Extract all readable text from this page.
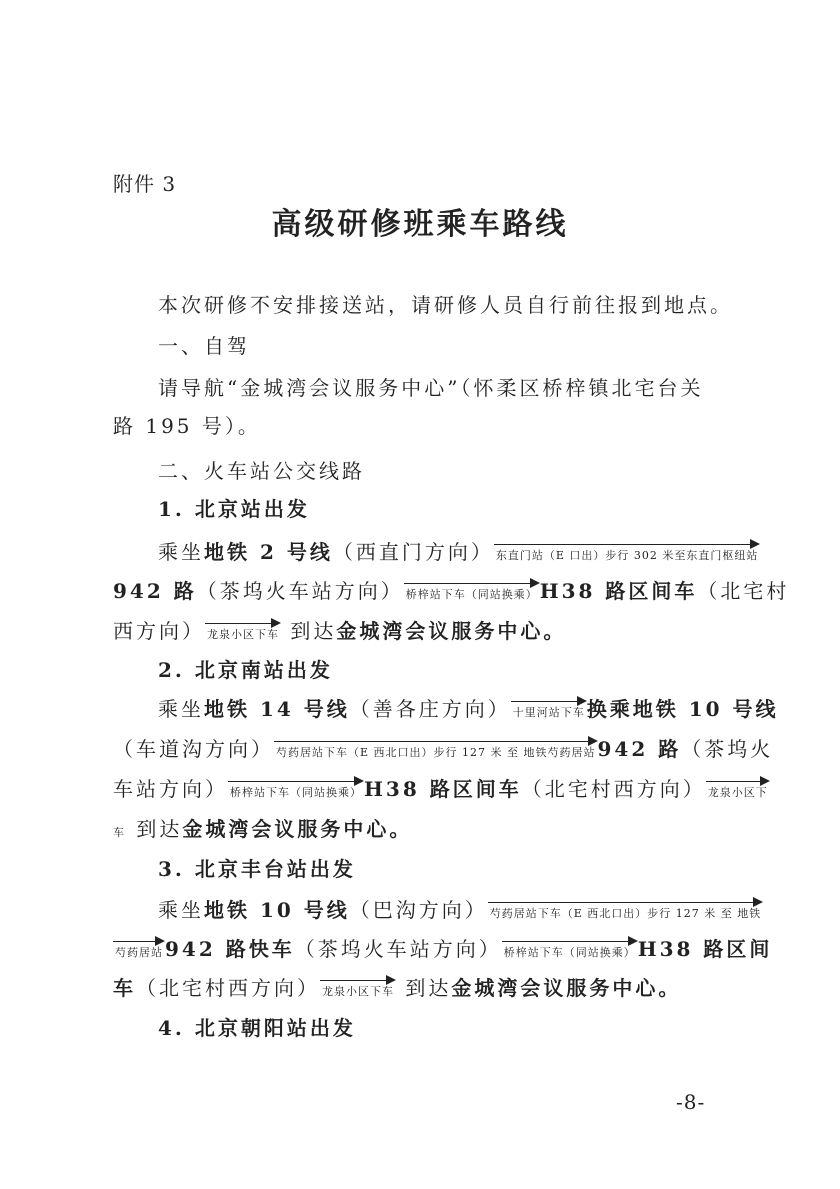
附件 3
高级研修班乘车路线
本次研修不安排接送站，请研修人员自行前往报到地点。
一、自驾
请导航“金城湾会议服务中心”（怀柔区桥梓镇北宅台关
路 195 号）。
二、火车站公交线路
1. 北京站出发
乘坐地铁 2 号线（西直门方向） 东直门站（E 口出）步行 302 米至东直门枢纽站
942 路（茶坞火车站方向） 桥梓站下车（同站换乘） H38 路区间车（北宅村
西方向） 龙泉小区下车 到达金城湾会议服务中心。
2. 北京南站出发
乘坐地铁 14 号线（善各庄方向） 十里河站下车 换乘地铁 10 号线
（车道沟方向） 芍药居站下车（E 西北口出）步行 127 米 至 地铁芍药居站 942 路（茶坞火
车站方向） 桥梓站下车（同站换乘） H38 路区间车（北宅村西方向） 龙泉小区下
车 到达金城湾会议服务中心。
3. 北京丰台站出发
乘坐地铁 10 号线（巴沟方向） 芍药居站下车（E 西北口出）步行 127 米 至 地铁
芍药居站 942 路快车（茶坞火车站方向） 桥梓站下车（同站换乘） H38 路区间
车（北宅村西方向） 龙泉小区下车 到达金城湾会议服务中心。
4. 北京朝阳站出发
-8-
